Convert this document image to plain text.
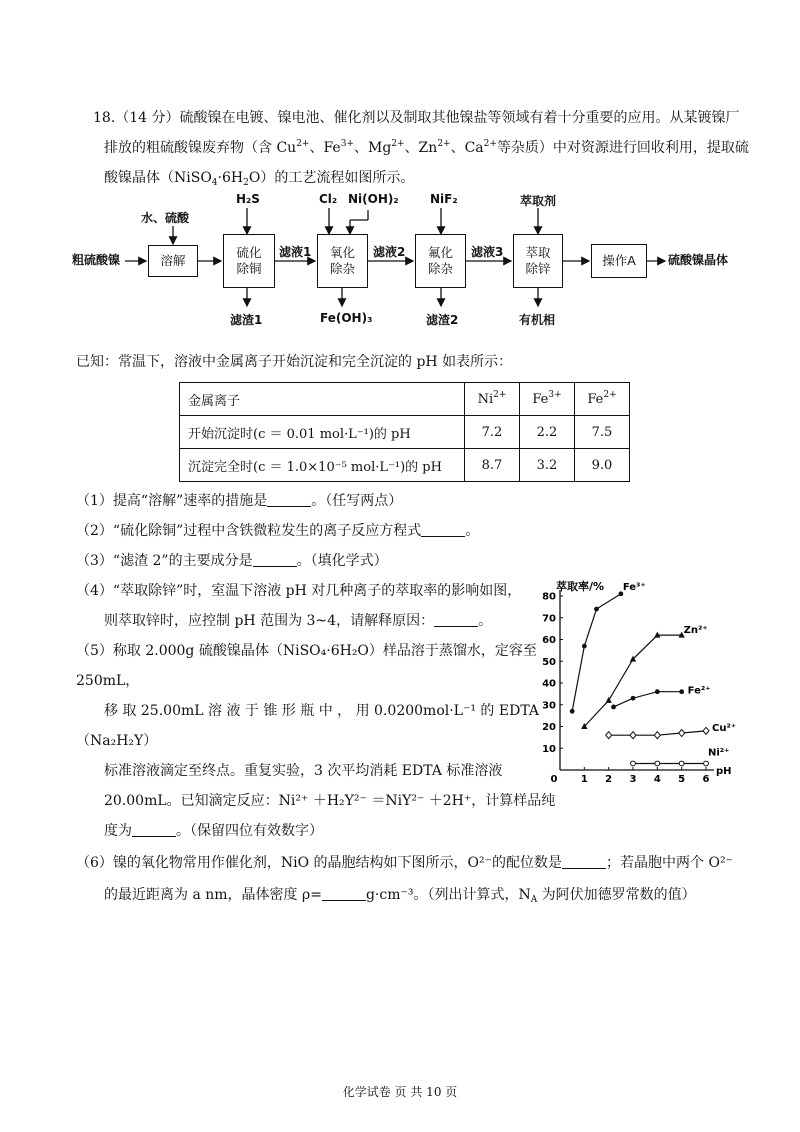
18.（14 分）硫酸镍在电镀、镍电池、催化剂以及制取其他镍盐等领域有着十分重要的应用。从某镀镍厂
排放的粗硫酸镍废弃物（含 $Cu^{2+}$、$Fe^{3+}$、$Mg^{2+}$、$Zn^{2+}$、$Ca^{2+}$等杂质）中对资源进行回收利用，提取硫
酸镍晶体$(NiSO_4\cdot 6H_2O)$的工艺流程如图所示。
粗硫酸镍	硫酸镍晶体
水、硫酸
H₂S	Cl₂ Ni(OH)₂	NiF₂	萃取剂
溶解
硫化
除铜
氧化
除杂
氟化
除杂
萃取
除锌
操作A
滤液1	滤液2	滤液3
滤渣1	Fe(OH)₃	滤渣2	有机相
已知：常温下，溶液中金属离子开始沉淀和完全沉淀的 pH 如表所示：
金属离子	$Ni^{2+}$	$Fe^{3+}$	$Fe^{2+}$
开始沉淀时(c ＝ 0.01 mol·L⁻¹)的 pH	7.2	2.2	7.5
沉淀完全时(c ＝ 1.0×10⁻⁵ mol·L⁻¹)的 pH	8.7	3.2	9.0
（1）提高“溶解”速率的措施是	。（任写两点）
（2）“硫化除铜”过程中含铁微粒发生的离子反应方程式	。
（3）“滤渣 2”的主要成分是	。（填化学式）
（4）“萃取除锌”时，室温下溶液 pH 对几种离子的萃取率的影响如图，
则萃取锌时，应控制 pH 范围为 3~4，请解释原因：	。
（5）称取 2.000g 硫酸镍晶体（NiSO₄·6H₂O）样品溶于蒸馏水，定容至
250mL，
移 取 25.00mL 溶 液 于 锥 形 瓶 中 ， 用 0.0200mol·L⁻¹ 的 EDTA
（Na₂H₂Y）
标准溶液滴定至终点。重复实验，3 次平均消耗 EDTA 标准溶液
20.00mL。已知滴定反应：Ni²⁺ ＋H₂Y²⁻ ＝NiY²⁻ ＋2H⁺，计算样品纯
度为	。（保留四位有效数字）
（6）镍的氧化物常用作催化剂，NiO 的晶胞结构如下图所示，O²⁻的配位数是	；若晶胞中两个 O²⁻
的最近距离为 a nm，晶体密度 ρ=	g·cm⁻³。（列出计算式，$N_A$ 为阿伏加德罗常数的值）
0 1 2 3 4 5 6
10
20
30
40
50
60
70
80
萃取率/%
pH
Fe³⁺
Zn²⁺
Fe²⁺
Cu²⁺
Ni²⁺
化学试卷 页 共 10 页
